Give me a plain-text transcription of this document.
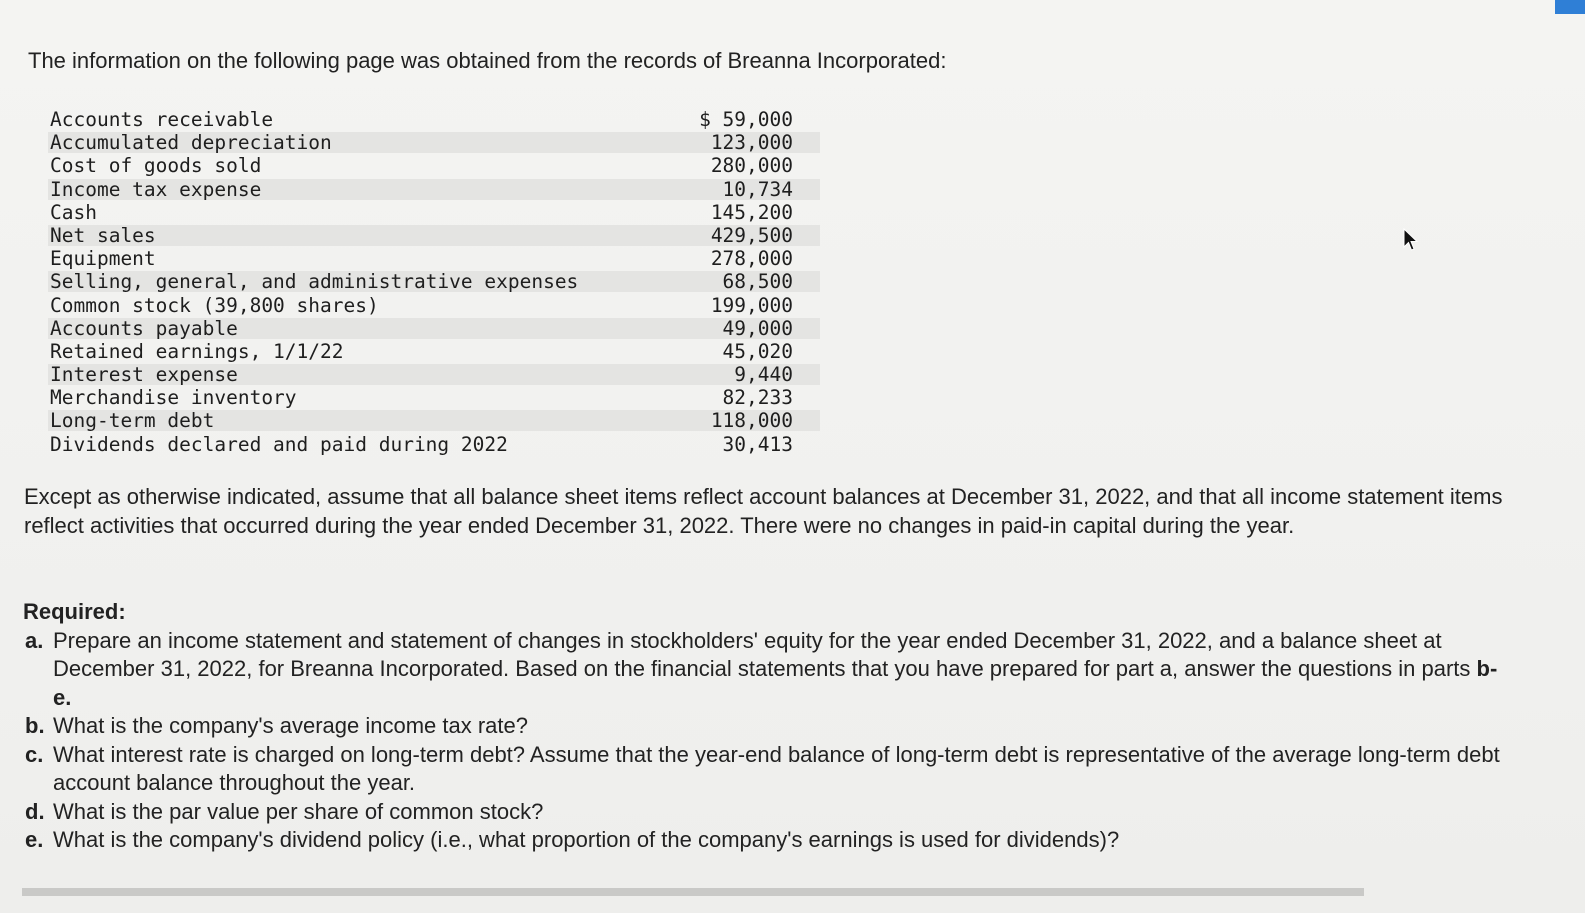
The information on the following page was obtained from the records of Breanna Incorporated:
Accounts receivable	$ 59,000
Accumulated depreciation	123,000
Cost of goods sold	280,000
Income tax expense	10,734
Cash	145,200
Net sales	429,500
Equipment	278,000
Selling, general, and administrative expenses	68,500
Common stock (39,800 shares)	199,000
Accounts payable	49,000
Retained earnings, 1/1/22	45,020
Interest expense	9,440
Merchandise inventory	82,233
Long-term debt	118,000
Dividends declared and paid during 2022	30,413
Except as otherwise indicated, assume that all balance sheet items reflect account balances at December 31, 2022, and that all income statement items reflect activities that occurred during the year ended December 31, 2022. There were no changes in paid-in capital during the year.
Required:
a. Prepare an income statement and statement of changes in stockholders' equity for the year ended December 31, 2022, and a balance sheet at December 31, 2022, for Breanna Incorporated. Based on the financial statements that you have prepared for part a, answer the questions in parts b-e.
b. What is the company's average income tax rate?
c. What interest rate is charged on long-term debt? Assume that the year-end balance of long-term debt is representative of the average long-term debt account balance throughout the year.
d. What is the par value per share of common stock?
e. What is the company's dividend policy (i.e., what proportion of the company's earnings is used for dividends)?
